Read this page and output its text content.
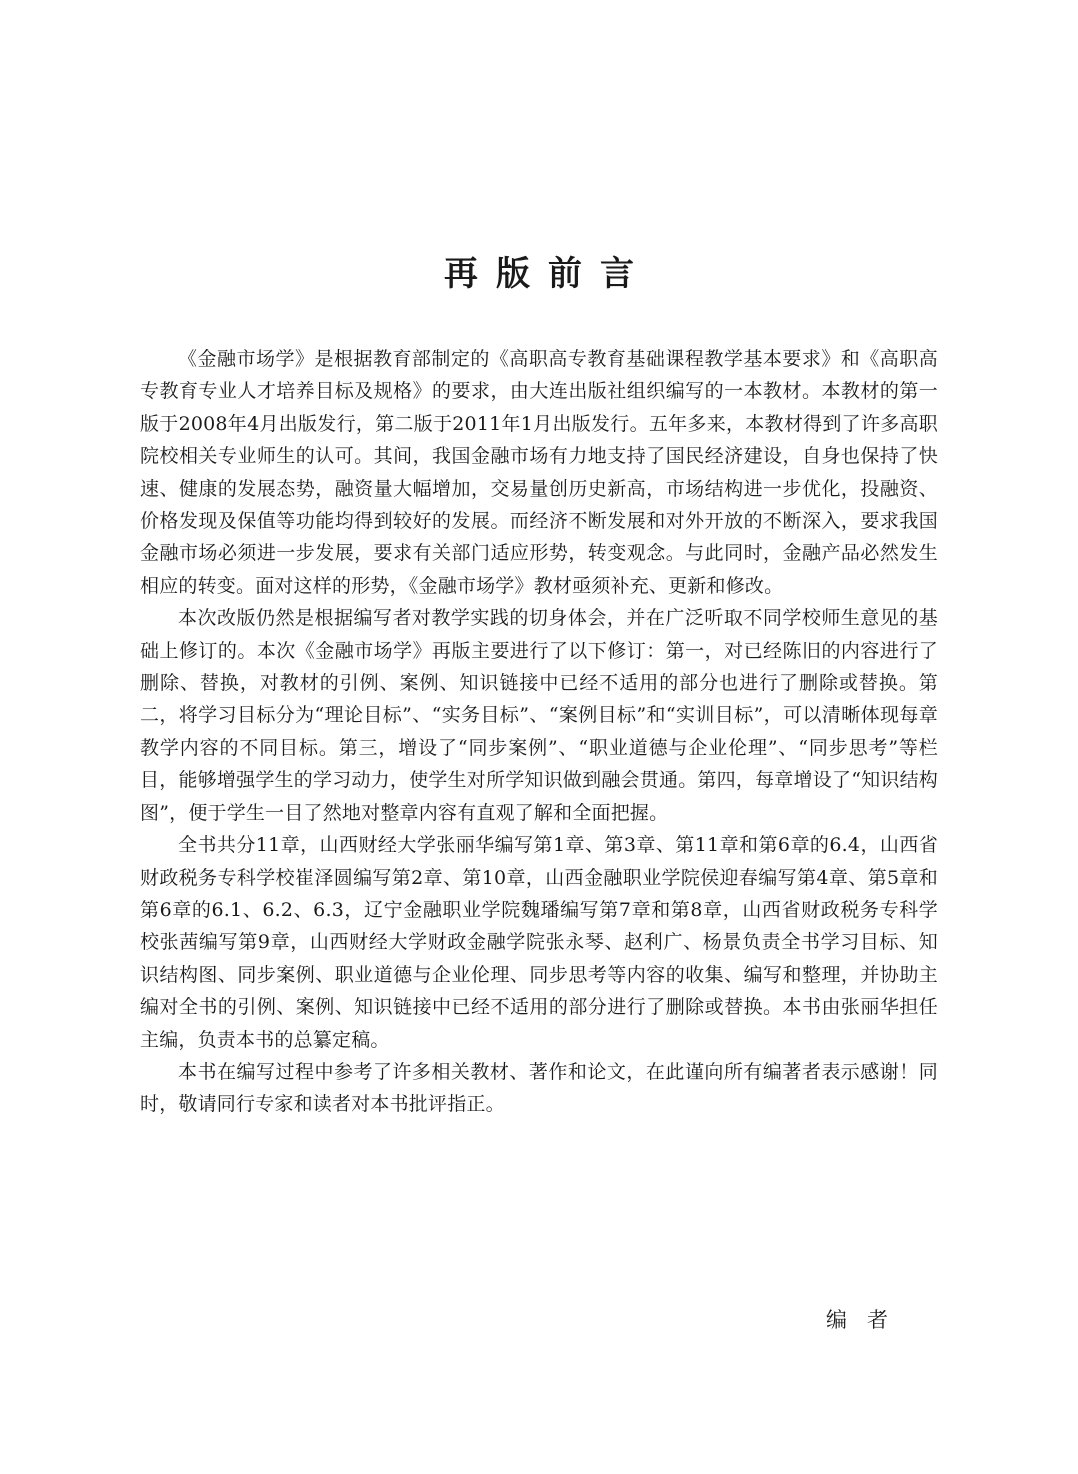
再版前言

《金融市场学》是根据教育部制定的《高职高专教育基础课程教学基本要求》和《高职高专教育专业人才培养目标及规格》的要求，由大连出版社组织编写的一本教材。本教材的第一版于2008年4月出版发行，第二版于2011年1月出版发行。五年多来，本教材得到了许多高职院校相关专业师生的认可。其间，我国金融市场有力地支持了国民经济建设，自身也保持了快速、健康的发展态势，融资量大幅增加，交易量创历史新高，市场结构进一步优化，投融资、价格发现及保值等功能均得到较好的发展。而经济不断发展和对外开放的不断深入，要求我国金融市场必须进一步发展，要求有关部门适应形势，转变观念。与此同时，金融产品必然发生相应的转变。面对这样的形势，《金融市场学》教材亟须补充、更新和修改。

本次改版仍然是根据编写者对教学实践的切身体会，并在广泛听取不同学校师生意见的基础上修订的。本次《金融市场学》再版主要进行了以下修订：第一，对已经陈旧的内容进行了删除、替换，对教材的引例、案例、知识链接中已经不适用的部分也进行了删除或替换。第二，将学习目标分为“理论目标”、“实务目标”、“案例目标”和“实训目标”，可以清晰体现每章教学内容的不同目标。第三，增设了“同步案例”、“职业道德与企业伦理”、“同步思考”等栏目，能够增强学生的学习动力，使学生对所学知识做到融会贯通。第四，每章增设了“知识结构图”，便于学生一目了然地对整章内容有直观了解和全面把握。

全书共分11章，山西财经大学张丽华编写第1章、第3章、第11章和第6章的6.4，山西省财政税务专科学校崔泽圆编写第2章、第10章，山西金融职业学院侯迎春编写第4章、第5章和第6章的6.1、6.2、6.3，辽宁金融职业学院魏璠编写第7章和第8章，山西省财政税务专科学校张茜编写第9章，山西财经大学财政金融学院张永琴、赵利广、杨景负责全书学习目标、知识结构图、同步案例、职业道德与企业伦理、同步思考等内容的收集、编写和整理，并协助主编对全书的引例、案例、知识链接中已经不适用的部分进行了删除或替换。本书由张丽华担任主编，负责本书的总纂定稿。

本书在编写过程中参考了许多相关教材、著作和论文，在此谨向所有编著者表示感谢！同时，敬请同行专家和读者对本书批评指正。

编者
